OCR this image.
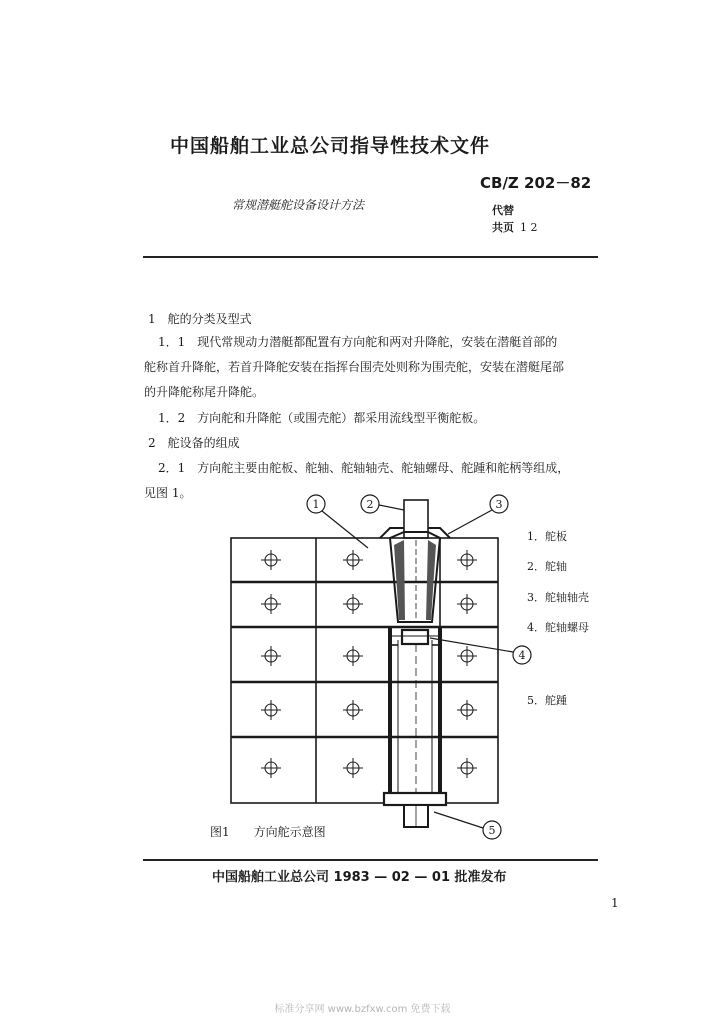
中国船舶工业总公司指导性技术文件
CB/Z 202－82
常规潜艇舵设备设计方法	代替
共页 1 2
1　舵的分类及型式
1．1　现代常规动力潜艇都配置有方向舵和两对升降舵，安装在潜艇首部的
舵称首升降舵，若首升降舵安装在指挥台围壳处则称为围壳舵，安装在潜艇尾部
的升降舵称尾升降舵。
1．2　方向舵和升降舵（或围壳舵）都采用流线型平衡舵板。
2　舵设备的组成
2．1　方向舵主要由舵板、舵轴、舵轴轴壳、舵轴螺母、舵踵和舵柄等组成，
见图 1。
1	2	3
4
5
1．舵板
2．舵轴
3．舵轴轴壳
4．舵轴螺母
5．舵踵
图1 方向舵示意图
中国船舶工业总公司 1983 — 02 — 01 批准发布
1
标准分享网 www.bzfxw.com 免费下载
